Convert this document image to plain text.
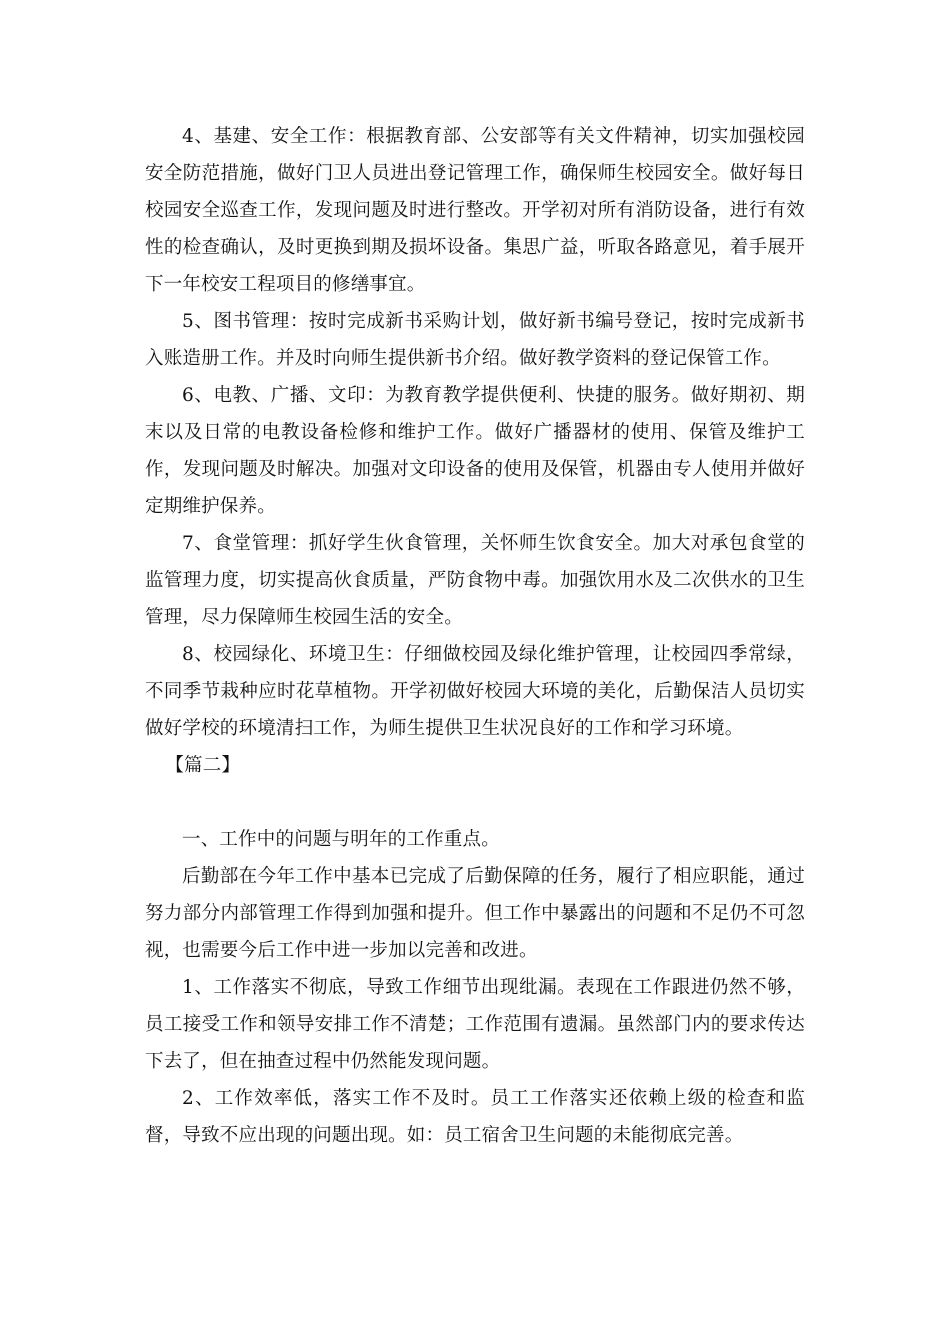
4、基建、安全工作：根据教育部、公安部等有关文件精神，切实加强校园安全防范措施，做好门卫人员进出登记管理工作，确保师生校园安全。做好每日校园安全巡查工作，发现问题及时进行整改。开学初对所有消防设备，进行有效性的检查确认，及时更换到期及损坏设备。集思广益，听取各路意见，着手展开下一年校安工程项目的修缮事宜。

5、图书管理：按时完成新书采购计划，做好新书编号登记，按时完成新书入账造册工作。并及时向师生提供新书介绍。做好教学资料的登记保管工作。

6、电教、广播、文印：为教育教学提供便利、快捷的服务。做好期初、期末以及日常的电教设备检修和维护工作。做好广播器材的使用、保管及维护工作，发现问题及时解决。加强对文印设备的使用及保管，机器由专人使用并做好定期维护保养。

7、食堂管理：抓好学生伙食管理，关怀师生饮食安全。加大对承包食堂的监管理力度，切实提高伙食质量，严防食物中毒。加强饮用水及二次供水的卫生管理，尽力保障师生校园生活的安全。

8、校园绿化、环境卫生：仔细做校园及绿化维护管理，让校园四季常绿，不同季节栽种应时花草植物。开学初做好校园大环境的美化，后勤保洁人员切实做好学校的环境清扫工作，为师生提供卫生状况良好的工作和学习环境。

【篇二】

一、工作中的问题与明年的工作重点。

后勤部在今年工作中基本已完成了后勤保障的任务，履行了相应职能，通过努力部分内部管理工作得到加强和提升。但工作中暴露出的问题和不足仍不可忽视，也需要今后工作中进一步加以完善和改进。

1、工作落实不彻底，导致工作细节出现纰漏。表现在工作跟进仍然不够，员工接受工作和领导安排工作不清楚；工作范围有遗漏。虽然部门内的要求传达下去了，但在抽查过程中仍然能发现问题。

2、工作效率低，落实工作不及时。员工工作落实还依赖上级的检查和监督，导致不应出现的问题出现。如：员工宿舍卫生问题的未能彻底完善。
